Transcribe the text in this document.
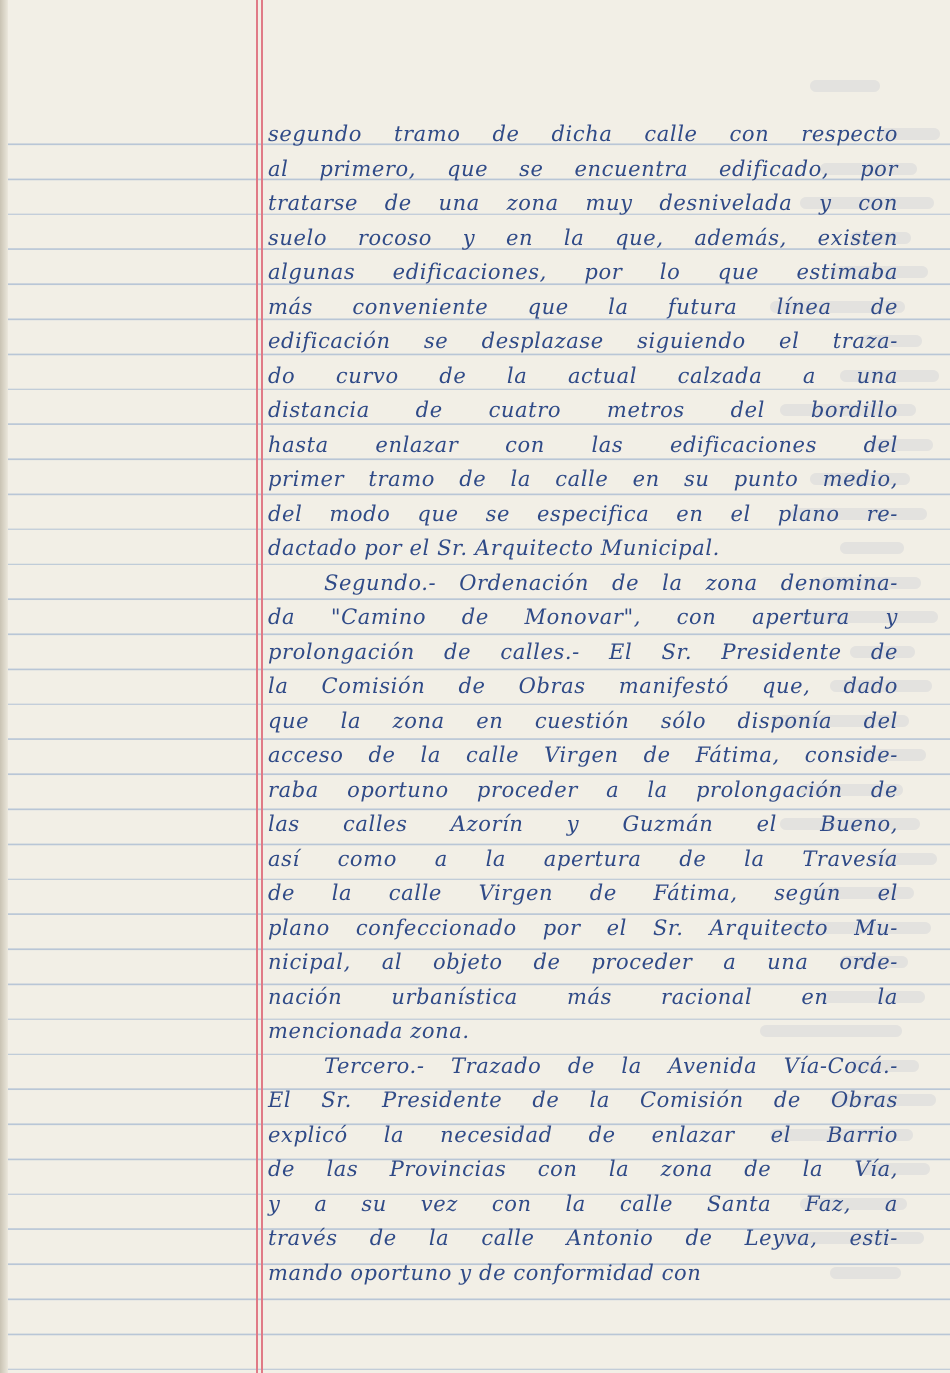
segundo tramo de dicha calle con respecto
al primero, que se encuentra edificado, por
tratarse de una zona muy desnivelada y con
suelo rocoso y en la que, además, existen
algunas edificaciones, por lo que estimaba
más conveniente que la futura línea de
edificación se desplazase siguiendo el traza-
do curvo de la actual calzada a una
distancia de cuatro metros del bordillo
hasta enlazar con las edificaciones del
primer tramo de la calle en su punto medio,
del modo que se especifica en el plano re-
dactado por el Sr. Arquitecto Municipal.
Segundo.- Ordenación de la zona denomina-
da "Camino de Monovar", con apertura y
prolongación de calles.- El Sr. Presidente de
la Comisión de Obras manifestó que, dado
que la zona en cuestión sólo disponía del
acceso de la calle Virgen de Fátima, conside-
raba oportuno proceder a la prolongación de
las calles Azorín y Guzmán el Bueno,
así como a la apertura de la Travesía
de la calle Virgen de Fátima, según el
plano confeccionado por el Sr. Arquitecto Mu-
nicipal, al objeto de proceder a una orde-
nación urbanística más racional en la
mencionada zona.
Tercero.- Trazado de la Avenida Vía-Cocá.-
El Sr. Presidente de la Comisión de Obras
explicó la necesidad de enlazar el Barrio
de las Provincias con la zona de la Vía,
y a su vez con la calle Santa Faz, a
través de la calle Antonio de Leyva, esti-
mando oportuno y de conformidad con
